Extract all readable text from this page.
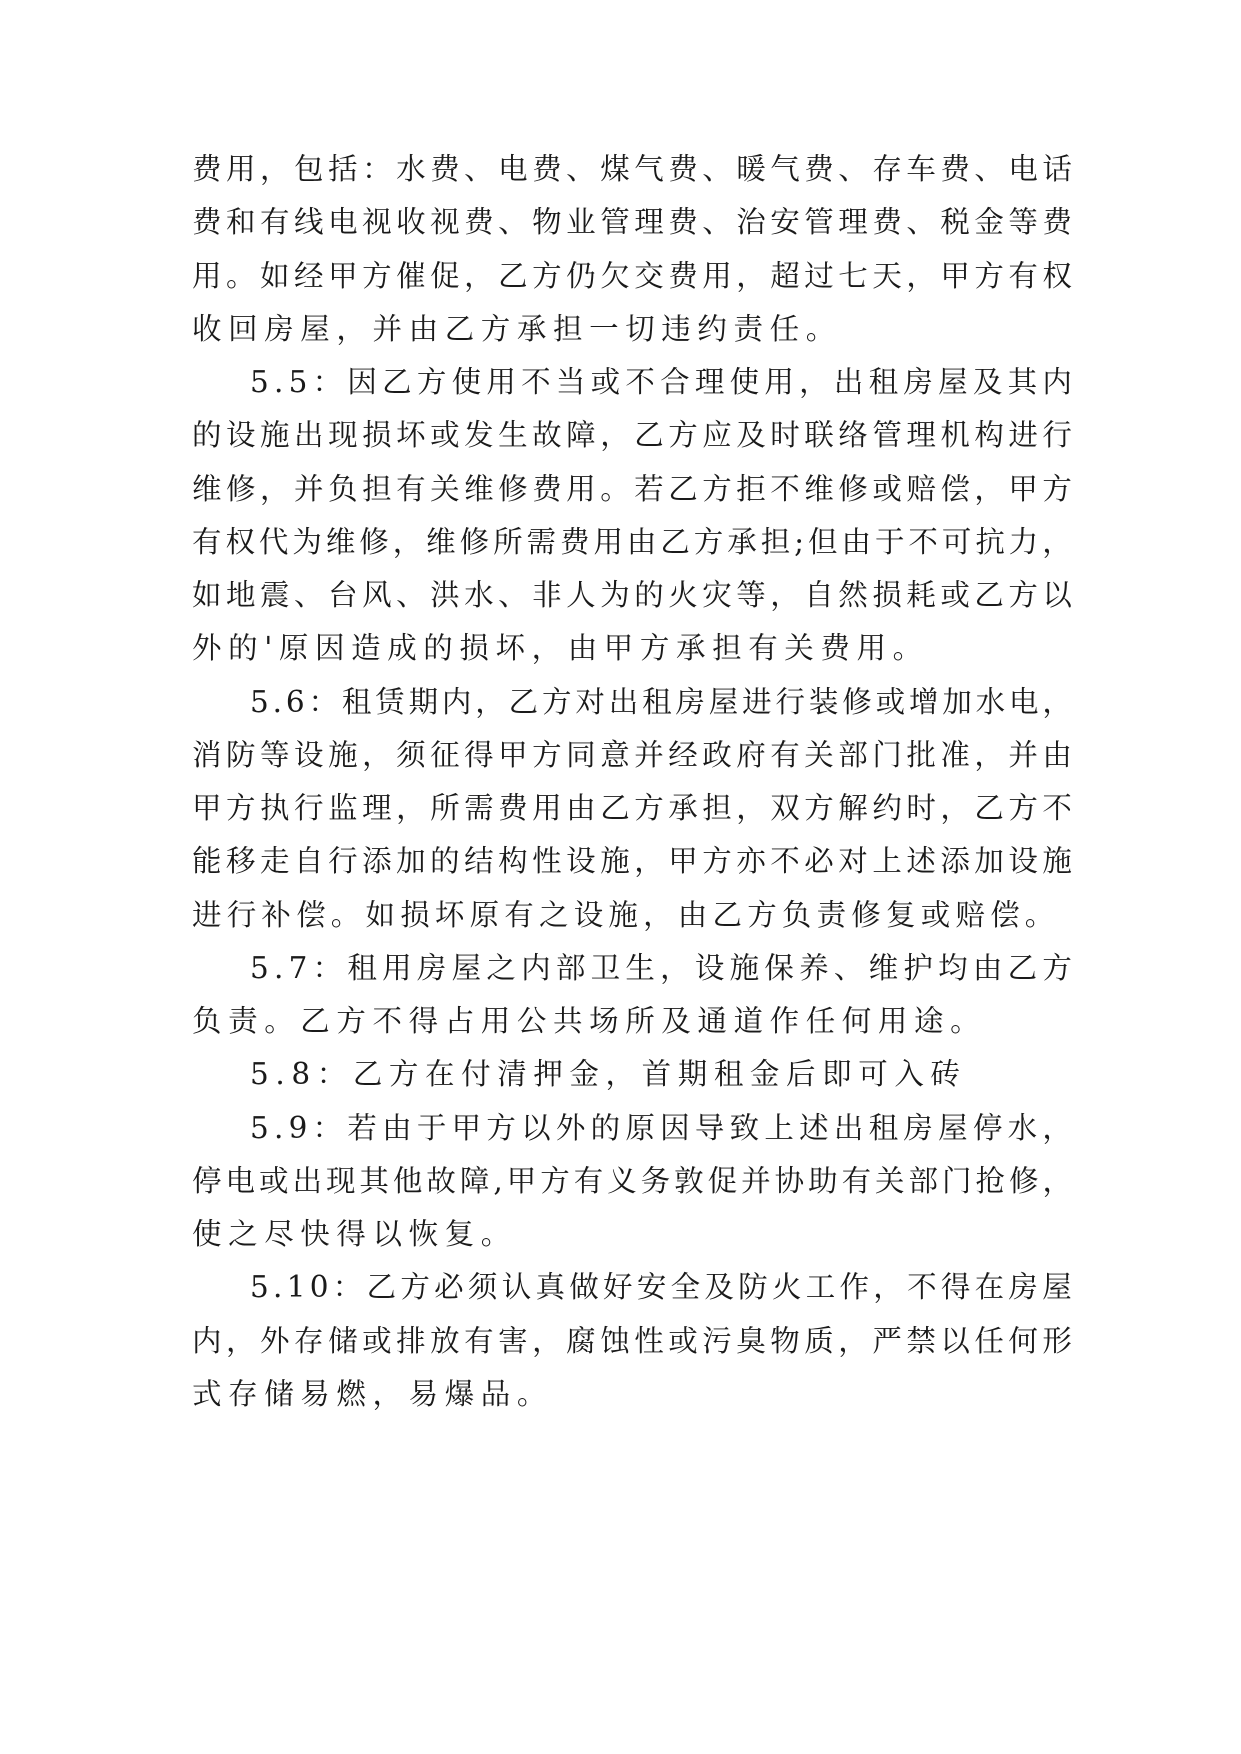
费 用 ， 包 括 ： 水 费 、 电 费 、 煤 气 费 、 暖 气 费 、 存 车 费 、 电 话
费 和 有 线 电 视 收 视 费 、 物 业 管 理 费 、 治 安 管 理 费 、 税 金 等 费
用 。 如 经 甲 方 催 促 ， 乙 方 仍 欠 交 费 用 ， 超 过 七 天 ， 甲 方 有 权
收回房屋，并由乙方承担一切违约责任。
5 . 5 ： 因 乙 方 使 用 不 当 或 不 合 理 使 用 ， 出 租 房 屋 及 其 内
的 设 施 出 现 损 坏 或 发 生 故 障 ， 乙 方 应 及 时 联 络 管 理 机 构 进 行
维 修 ， 并 负 担 有 关 维 修 费 用 。 若 乙 方 拒 不 维 修 或 赔 偿 ， 甲 方
有 权 代 为 维 修 ， 维 修 所 需 费 用 由 乙 方 承 担 ; 但 由 于 不 可 抗 力 ，
如 地 震 、 台 风 、 洪 水 、 非 人 为 的 火 灾 等 ， 自 然 损 耗 或 乙 方 以
外的'原因造成的损坏，由甲方承担有关费用。
5 . 6 ： 租 赁 期 内 ， 乙 方 对 出 租 房 屋 进 行 装 修 或 增 加 水 电 ，
消 防 等 设 施 ， 须 征 得 甲 方 同 意 并 经 政 府 有 关 部 门 批 准 ， 并 由
甲 方 执 行 监 理 ， 所 需 费 用 由 乙 方 承 担 ， 双 方 解 约 时 ， 乙 方 不
能 移 走 自 行 添 加 的 结 构 性 设 施 ， 甲 方 亦 不 必 对 上 述 添 加 设 施
进行补偿。如损坏原有之设施，由乙方负责修复或赔偿。
5 . 7 ： 租 用 房 屋 之 内 部 卫 生 ， 设 施 保 养 、 维 护 均 由 乙 方
负责。乙方不得占用公共场所及通道作任何用途。
5.8：乙方在付清押金，首期租金后即可入砖
5 . 9 ： 若 由 于 甲 方 以 外 的 原 因 导 致 上 述 出 租 房 屋 停 水 ，
停 电 或 出 现 其 他 故 障 , 甲 方 有 义 务 敦 促 并 协 助 有 关 部 门 抢 修 ，
使之尽快得以恢复。
5 . 1 0 ： 乙 方 必 须 认 真 做 好 安 全 及 防 火 工 作 ， 不 得 在 房 屋
内 ， 外 存 储 或 排 放 有 害 ， 腐 蚀 性 或 污 臭 物 质 ， 严 禁 以 任 何 形
式存储易燃，易爆品。
